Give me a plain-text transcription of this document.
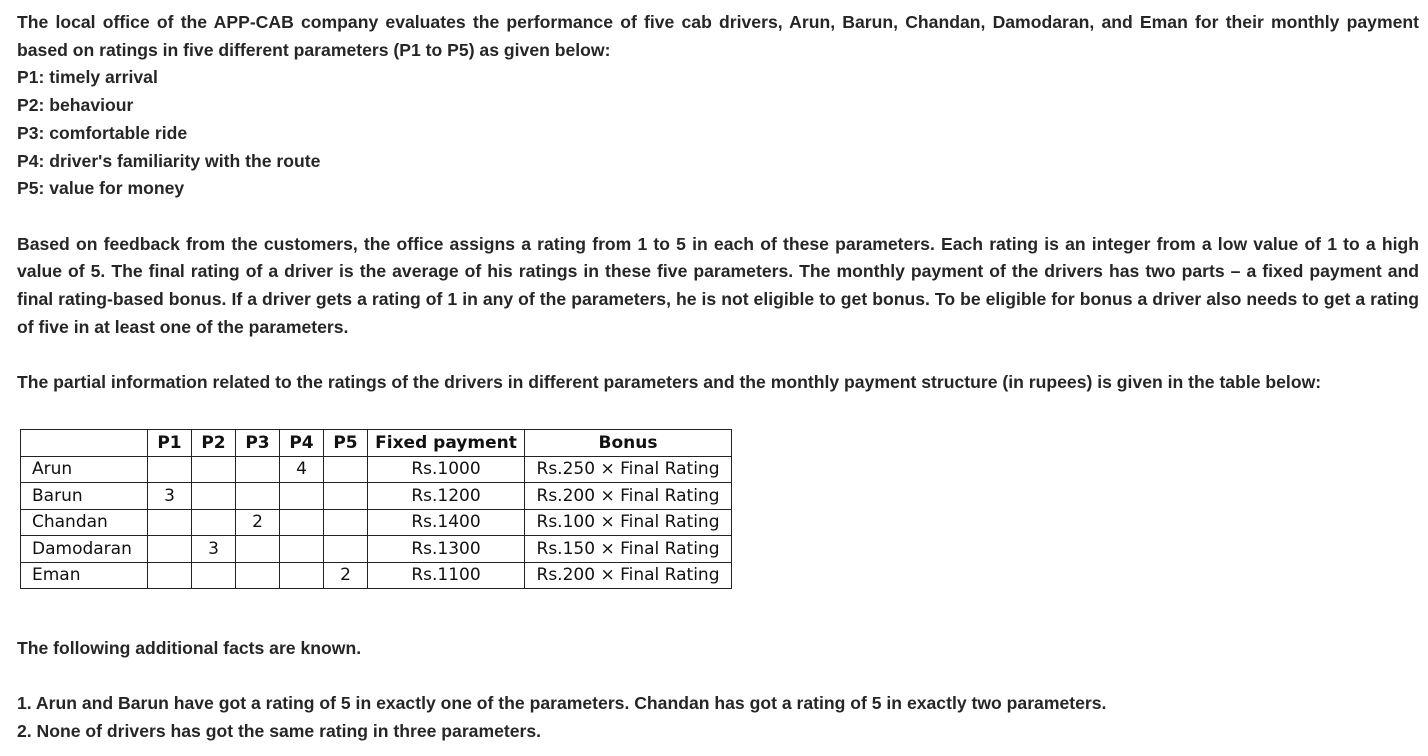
The local office of the APP-CAB company evaluates the performance of five cab drivers, Arun, Barun, Chandan, Damodaran, and Eman for their monthly payment based on ratings in five different parameters (P1 to P5) as given below:

P1: timely arrival

P2: behaviour

P3: comfortable ride

P4: driver's familiarity with the route

P5: value for money

Based on feedback from the customers, the office assigns a rating from 1 to 5 in each of these parameters. Each rating is an integer from a low value of 1 to a high value of 5. The final rating of a driver is the average of his ratings in these five parameters. The monthly payment of the drivers has two parts – a fixed payment and final rating-based bonus. If a driver gets a rating of 1 in any of the parameters, he is not eligible to get bonus. To be eligible for bonus a driver also needs to get a rating of five in at least one of the parameters.

The partial information related to the ratings of the drivers in different parameters and the monthly payment structure (in rupees) is given in the table below:

	P1	P2	P3	P4	P5	Fixed payment	Bonus
Arun				4		Rs.1000	Rs.250 × Final Rating
Barun	3					Rs.1200	Rs.200 × Final Rating
Chandan			2			Rs.1400	Rs.100 × Final Rating
Damodaran		3				Rs.1300	Rs.150 × Final Rating
Eman					2	Rs.1100	Rs.200 × Final Rating

The following additional facts are known.

1. Arun and Barun have got a rating of 5 in exactly one of the parameters. Chandan has got a rating of 5 in exactly two parameters.

2. None of drivers has got the same rating in three parameters.
